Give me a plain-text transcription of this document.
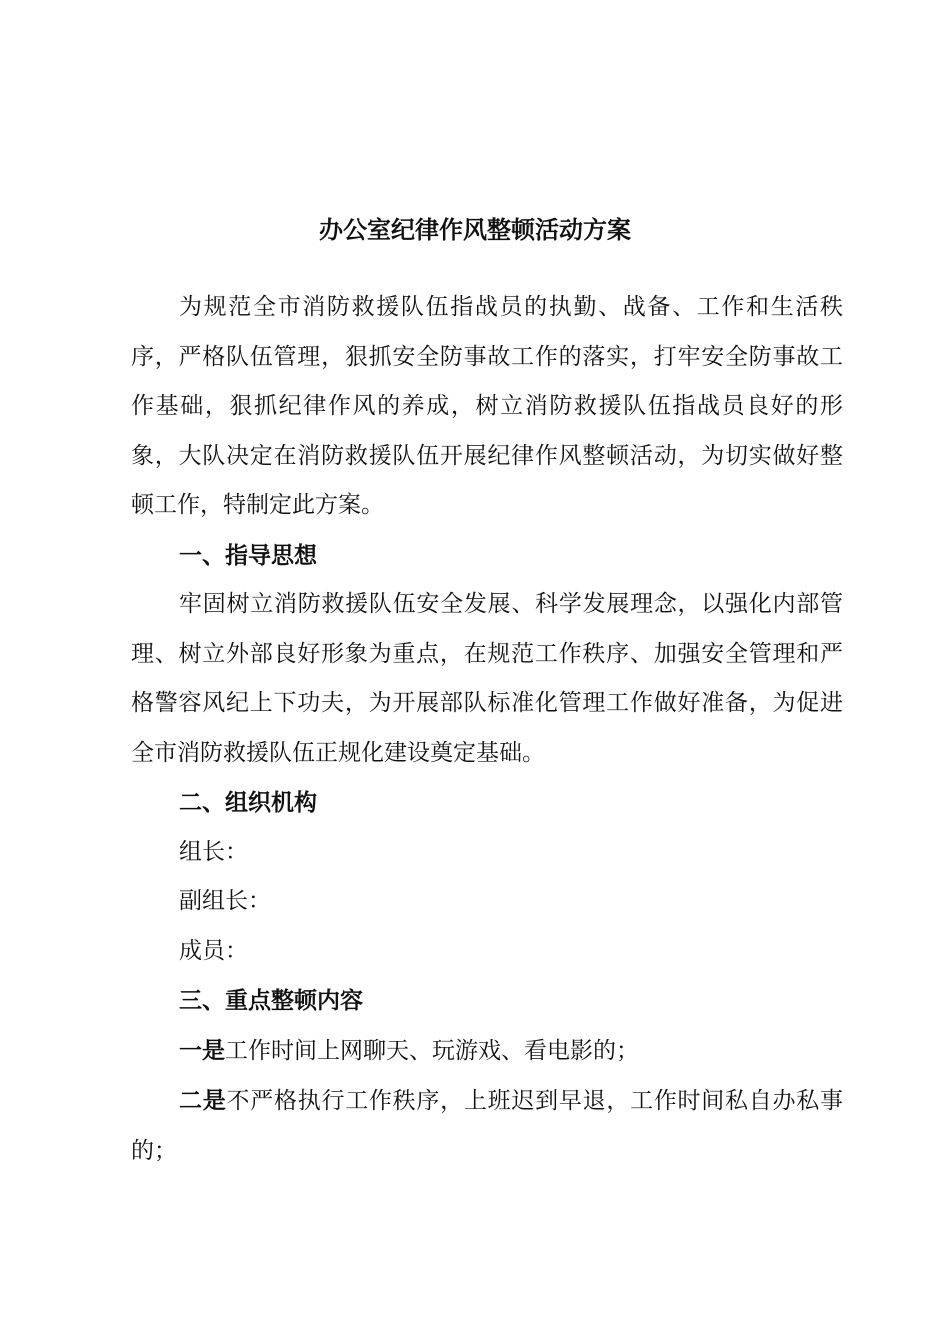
办公室纪律作风整顿活动方案

为规范全市消防救援队伍指战员的执勤、战备、工作和生活秩序，严格队伍管理，狠抓安全防事故工作的落实，打牢安全防事故工作基础，狠抓纪律作风的养成，树立消防救援队伍指战员良好的形象，大队决定在消防救援队伍开展纪律作风整顿活动，为切实做好整顿工作，特制定此方案。

一、指导思想

牢固树立消防救援队伍安全发展、科学发展理念，以强化内部管理、树立外部良好形象为重点，在规范工作秩序、加强安全管理和严格警容风纪上下功夫，为开展部队标准化管理工作做好准备，为促进全市消防救援队伍正规化建设奠定基础。

二、组织机构

组长：

副组长：

成员：

三、重点整顿内容

一是工作时间上网聊天、玩游戏、看电影的；

二是不严格执行工作秩序，上班迟到早退，工作时间私自办私事的；
